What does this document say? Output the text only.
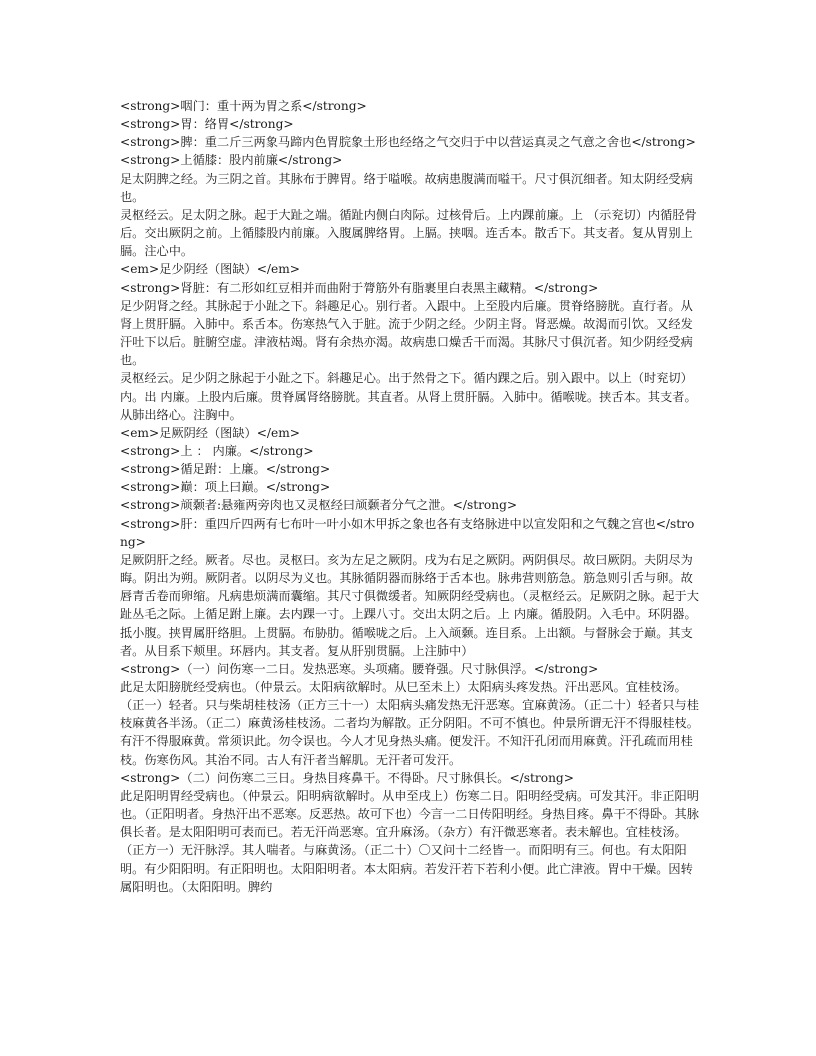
<strong>咽门：重十两为胃之系</strong>

<strong>胃：络胃</strong>

<strong>脾：重二斤三两象马蹄内色胃脘象土形也经络之气交归于中以营运真灵之气意之舍也</strong>

<strong>上循膝：股内前廉</strong>

足太阴脾之经。为三阴之首。其脉布于脾胃。络于嗌喉。故病患腹满而嗌干。尺寸俱沉细者。知太阴经受病也。

灵枢经云。足太阴之脉。起于大趾之端。循趾内侧白肉际。过核骨后。上内踝前廉。上 （示兖切）内循胫骨后。交出厥阴之前。上循膝股内前廉。入腹属脾络胃。上膈。挟咽。连舌本。散舌下。其支者。复从胃别上膈。注心中。

<em>足少阴经（图缺）</em>

<strong>肾脏：有二形如红豆相并而曲附于膂筋外有脂裹里白表黑主藏精。</strong>

足少阴肾之经。其脉起于小趾之下。斜趣足心。别行者。入跟中。上至股内后廉。贯脊络膀胱。直行者。从肾上贯肝膈。入肺中。系舌本。伤寒热气入于脏。流于少阴之经。少阴主肾。肾恶燥。故渴而引饮。又经发汗吐下以后。脏腑空虚。津液枯竭。肾有余热亦渴。故病患口燥舌干而渴。其脉尺寸俱沉者。知少阴经受病也。

灵枢经云。足少阴之脉起于小趾之下。斜趣足心。出于然骨之下。循内踝之后。别入跟中。以上（时兖切）内。出 内廉。上股内后廉。贯脊属肾络膀胱。其直者。从肾上贯肝膈。入肺中。循喉咙。挟舌本。其支者。从肺出络心。注胸中。

<em>足厥阴经（图缺）</em>

<strong>上 ： 内廉。</strong>

<strong>循足跗：上廉。</strong>

<strong>巅：项上曰巅。</strong>

<strong>颃颡者:悬雍两旁肉也又灵枢经曰颃颡者分气之泄。</strong>

<strong>肝：重四斤四两有七布叶一叶小如木甲拆之象也各有支络脉进中以宣发阳和之气魏之宫也</strong>

足厥阴肝之经。厥者。尽也。灵枢曰。亥为左足之厥阴。戌为右足之厥阴。两阴俱尽。故曰厥阴。夫阴尽为晦。阴出为朔。厥阴者。以阴尽为义也。其脉循阴器而脉络于舌本也。脉弗营则筋急。筋急则引舌与卵。故唇青舌卷而卵缩。凡病患烦满而囊缩。其尺寸俱微缓者。知厥阴经受病也。（灵枢经云。足厥阴之脉。起于大趾丛毛之际。上循足跗上廉。去内踝一寸。上踝八寸。交出太阴之后。上 内廉。循股阴。入毛中。环阴器。抵小腹。挟胃属肝络胆。上贯膈。布胁肋。循喉咙之后。上入颃颡。连目系。上出额。与督脉会于巅。其支者。从目系下颊里。环唇内。其支者。复从肝别贯膈。上注肺中）

<strong>（一）问伤寒一二日。发热恶寒。头项痛。腰脊强。尺寸脉俱浮。</strong>

此足太阳膀胱经受病也。（仲景云。太阳病欲解时。从巳至未上）太阳病头疼发热。汗出恶风。宜桂枝汤。（正一）轻者。只与柴胡桂枝汤（正方三十一）太阳病头痛发热无汗恶寒。宜麻黄汤。（正二十）轻者只与桂枝麻黄各半汤。（正二）麻黄汤桂枝汤。二者均为解散。正分阴阳。不可不慎也。仲景所谓无汗不得服桂枝。有汗不得服麻黄。常须识此。勿令误也。今人才见身热头痛。便发汗。不知汗孔闭而用麻黄。汗孔疏而用桂枝。伤寒伤风。其治不同。古人有汗者当解肌。无汗者可发汗。

<strong>（二）问伤寒二三日。身热目疼鼻干。不得卧。尺寸脉俱长。</strong>

此足阳明胃经受病也。（仲景云。阳明病欲解时。从申至戌上）伤寒二日。阳明经受病。可发其汗。非正阳明也。（正阳明者。身热汗出不恶寒。反恶热。故可下也）今言一二日传阳明经。身热目疼。鼻干不得卧。其脉俱长者。是太阳阳明可表而已。若无汗尚恶寒。宜升麻汤。（杂方）有汗微恶寒者。表未解也。宜桂枝汤。（正方一）无汗脉浮。其人喘者。与麻黄汤。（正二十）〇又问十二经皆一。而阳明有三。何也。有太阳阳明。有少阳阳明。有正阳明也。太阳阳明者。本太阳病。若发汗若下若利小便。此亡津液。胃中干燥。因转属阳明也。（太阳阳明。脾约
